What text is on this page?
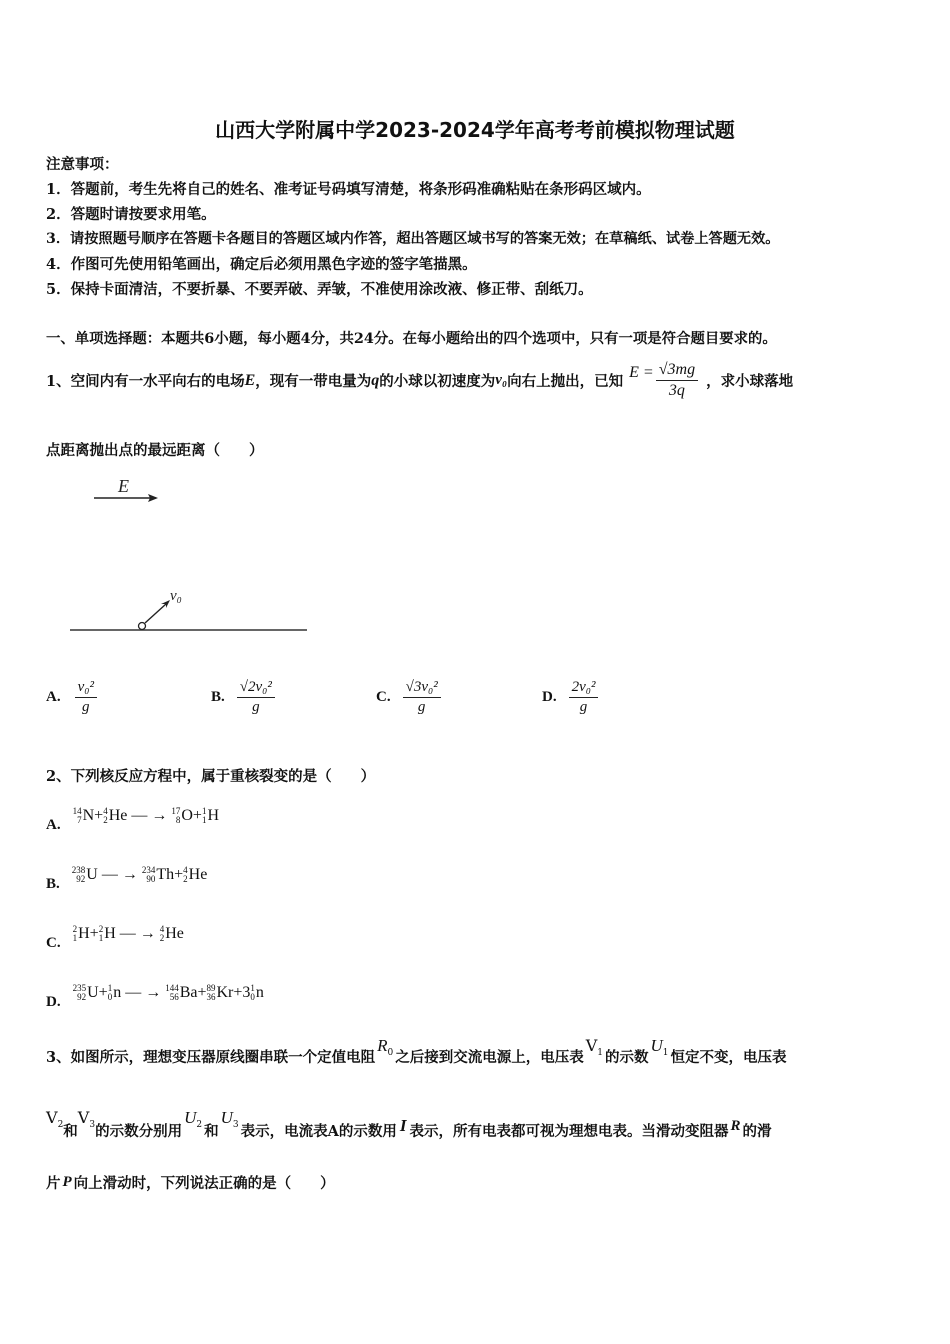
山西大学附属中学2023-2024学年高考考前模拟物理试题
注意事项：
1．答题前，考生先将自己的姓名、准考证号码填写清楚，将条形码准确粘贴在条形码区域内。
2．答题时请按要求用笔。
3．请按照题号顺序在答题卡各题目的答题区域内作答，超出答题区域书写的答案无效；在草稿纸、试卷上答题无效。
4．作图可先使用铅笔画出，确定后必须用黑色字迹的签字笔描黑。
5．保持卡面清洁，不要折暴、不要弄破、弄皱，不准使用涂改液、修正带、刮纸刀。
一、单项选择题：本题共6小题，每小题4分，共24分。在每小题给出的四个选项中，只有一项是符合题目要求的。
1、空间内有一水平向右的电场 E ，现有一带电量为 q 的小球以初速度为 v₀ 向右上抛出，已知
$E = \frac{√3mg}{3q}$ ，求小球落地
点距离抛出点的最远距离（　　）
E
v₀
A. $\frac{\text{v₀²}}{g}$	B. $\frac{\text{√2v₀²}}{g}$	C. $\frac{\text{√3v₀²}}{g}$	D. $\frac{\text{2v₀²}}{g}$
2、下列核反应方程中，属于重核裂变的是（　　）
A.
14
7 N + 4
2 He — → 17
8 O + 1
1 H
B.
238
92 U — → 234
90 Th + 4
2 He
C.
2
1 H + 2
1 H — → 4
2 He
D.
235
92 U + 1
0 n — → 144
56 Ba + 89
36 Kr +3 1
0 n
3、如图所示，理想变压器原线圈串联一个定值电阻
$R_0$ 之后接到交流电源上，电压表
$V_1$ 的示数
$U_1$ 恒定不变，电压表
$V_2$ 和
$V_3$ 的示数分别用
$U_2$ 和
$U_3$ 表示，电流表A的示数用 I 表示，所有电表都可视为理想电表。当滑动变阻器 R 的滑
片 P 向上滑动时，下列说法正确的是（　　）
